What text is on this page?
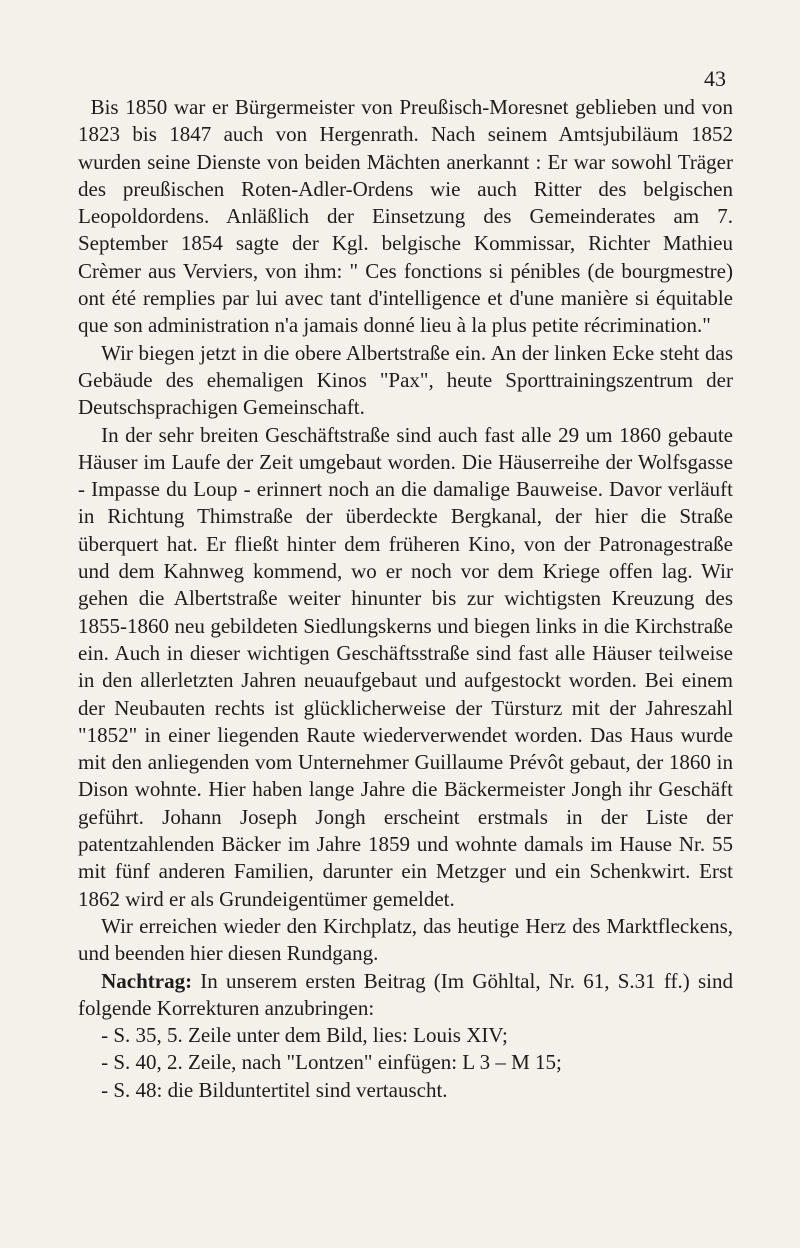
43

Bis 1850 war er Bürgermeister von Preußisch-Moresnet geblieben und von 1823 bis 1847 auch von Hergenrath. Nach seinem Amtsjubiläum 1852 wurden seine Dienste von beiden Mächten anerkannt : Er war sowohl Träger des preußischen Roten-Adler-Ordens wie auch Ritter des belgischen Leopoldordens. Anläßlich der Einsetzung des Gemeinderates am 7. September 1854 sagte der Kgl. belgische Kommissar, Richter Mathieu Crèmer aus Verviers, von ihm: " Ces fonctions si pénibles (de bourgmestre) ont été remplies par lui avec tant d'intelligence et d'une manière si équitable que son administration n'a jamais donné lieu à la plus petite récrimination."

Wir biegen jetzt in die obere Albertstraße ein. An der linken Ecke steht das Gebäude des ehemaligen Kinos "Pax", heute Sporttrainingszentrum der Deutschsprachigen Gemeinschaft.

In der sehr breiten Geschäftstraße sind auch fast alle 29 um 1860 gebaute Häuser im Laufe der Zeit umgebaut worden. Die Häuserreihe der Wolfsgasse - Impasse du Loup - erinnert noch an die damalige Bauweise. Davor verläuft in Richtung Thimstraße der überdeckte Bergkanal, der hier die Straße überquert hat. Er fließt hinter dem früheren Kino, von der Patronagestraße und dem Kahnweg kommend, wo er noch vor dem Kriege offen lag. Wir gehen die Albertstraße weiter hinunter bis zur wichtigsten Kreuzung des 1855-1860 neu gebildeten Siedlungskerns und biegen links in die Kirchstraße ein. Auch in dieser wichtigen Geschäftsstraße sind fast alle Häuser teilweise in den allerletzten Jahren neuaufgebaut und aufgestockt worden. Bei einem der Neubauten rechts ist glücklicherweise der Türsturz mit der Jahreszahl "1852" in einer liegenden Raute wiederverwendet worden. Das Haus wurde mit den anliegenden vom Unternehmer Guillaume Prévôt gebaut, der 1860 in Dison wohnte. Hier haben lange Jahre die Bäckermeister Jongh ihr Geschäft geführt. Johann Joseph Jongh erscheint erstmals in der Liste der patentzahlenden Bäcker im Jahre 1859 und wohnte damals im Hause Nr. 55 mit fünf anderen Familien, darunter ein Metzger und ein Schenkwirt. Erst 1862 wird er als Grundeigentümer gemeldet.

Wir erreichen wieder den Kirchplatz, das heutige Herz des Marktfleckens, und beenden hier diesen Rundgang.

Nachtrag: In unserem ersten Beitrag (Im Göhltal, Nr. 61, S.31 ff.) sind folgende Korrekturen anzubringen:

- S. 35, 5. Zeile unter dem Bild, lies: Louis XIV;
- S. 40, 2. Zeile, nach "Lontzen" einfügen: L 3 – M 15;
- S. 48: die Bilduntertitel sind vertauscht.
